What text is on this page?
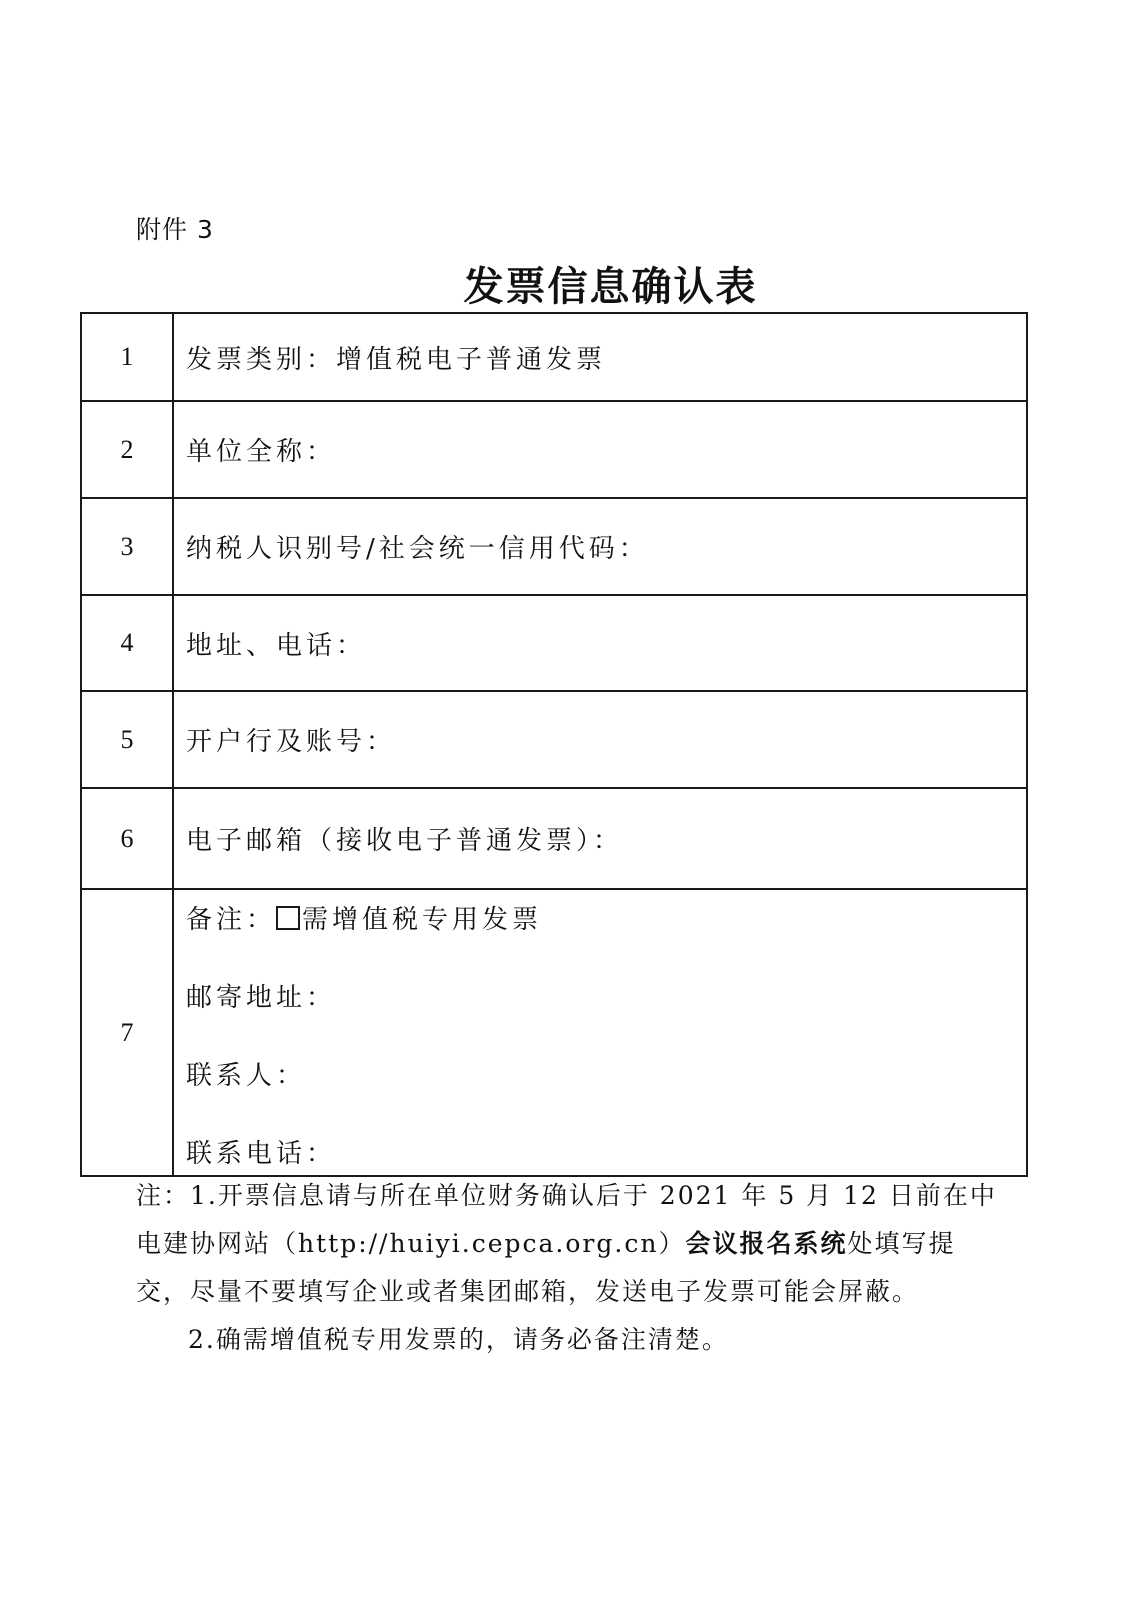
附件 3
发票信息确认表
1	发票类别：增值税电子普通发票
2	单位全称：
3	纳税人识别号/社会统一信用代码：
4	地址、电话：
5	开户行及账号：
6	电子邮箱（接收电子普通发票）：
7	备注： 需增值税专用发票
邮寄地址：
联系人：
联系电话：
注：1.开票信息请与所在单位财务确认后于 2021 年 5 月 12 日前在中
电建协网站（http://huiyi.cepca.org.cn）会议报名系统处填写提
交，尽量不要填写企业或者集团邮箱，发送电子发票可能会屏蔽。
2.确需增值税专用发票的，请务必备注清楚。
